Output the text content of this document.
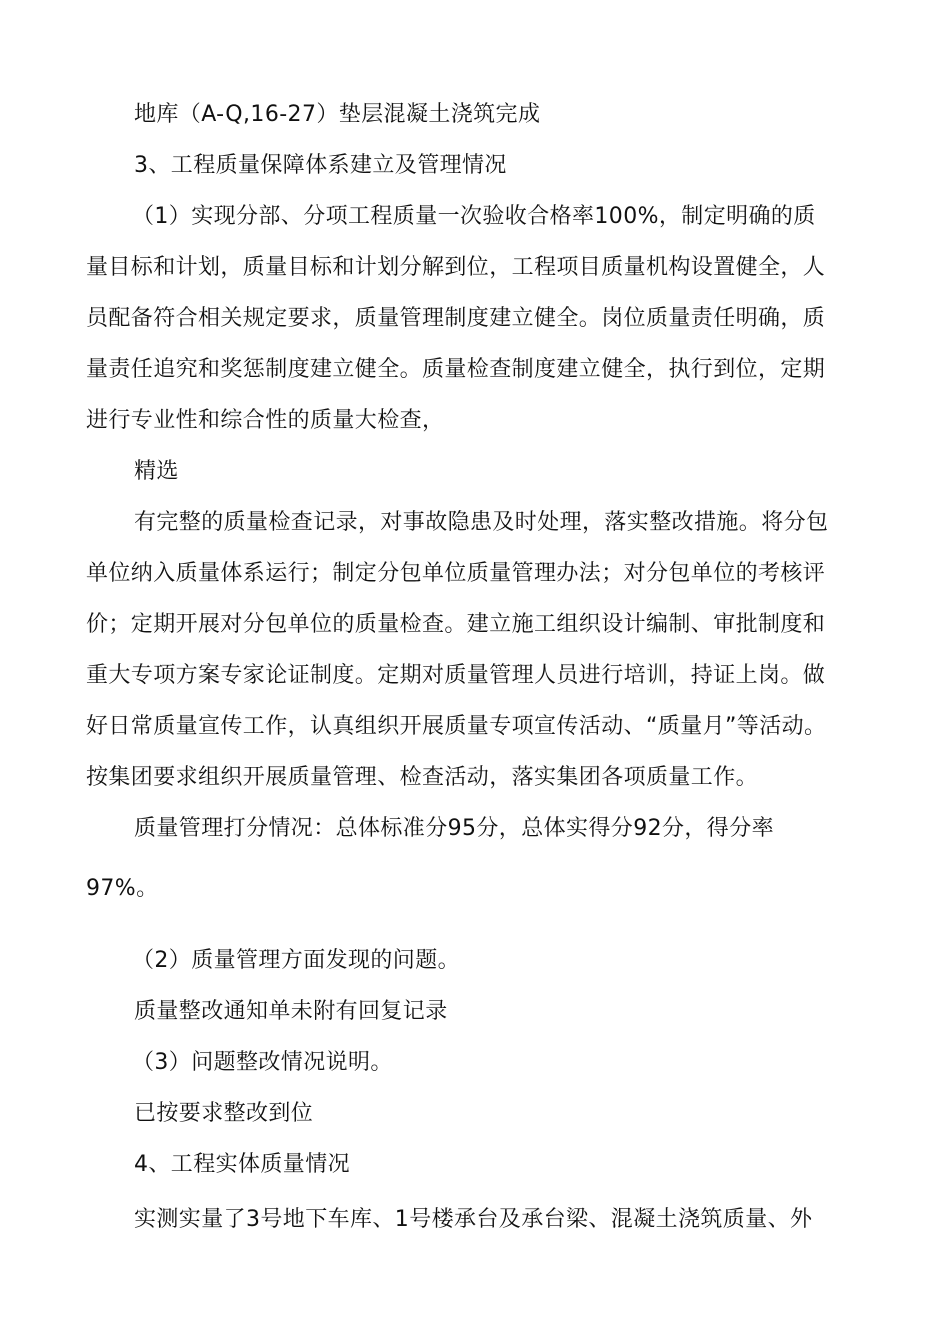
地库（A-Q,16-27）垫层混凝土浇筑完成
3、工程质量保障体系建立及管理情况
（1）实现分部、分项工程质量一次验收合格率100%，制定明确的质
量目标和计划，质量目标和计划分解到位，工程项目质量机构设置健全，人
员配备符合相关规定要求，质量管理制度建立健全。岗位质量责任明确，质
量责任追究和奖惩制度建立健全。质量检查制度建立健全，执行到位，定期
进行专业性和综合性的质量大检查，
精选
有完整的质量检查记录，对事故隐患及时处理，落实整改措施。将分包
单位纳入质量体系运行；制定分包单位质量管理办法；对分包单位的考核评
价；定期开展对分包单位的质量检查。建立施工组织设计编制、审批制度和
重大专项方案专家论证制度。定期对质量管理人员进行培训，持证上岗。做
好日常质量宣传工作，认真组织开展质量专项宣传活动、“质量月”等活动。
按集团要求组织开展质量管理、检查活动，落实集团各项质量工作。
质量管理打分情况：总体标准分95分，总体实得分92分，得分率
97%。
（2）质量管理方面发现的问题。
质量整改通知单未附有回复记录
（3）问题整改情况说明。
已按要求整改到位
4、工程实体质量情况
实测实量了3号地下车库、1号楼承台及承台梁、混凝土浇筑质量、外
